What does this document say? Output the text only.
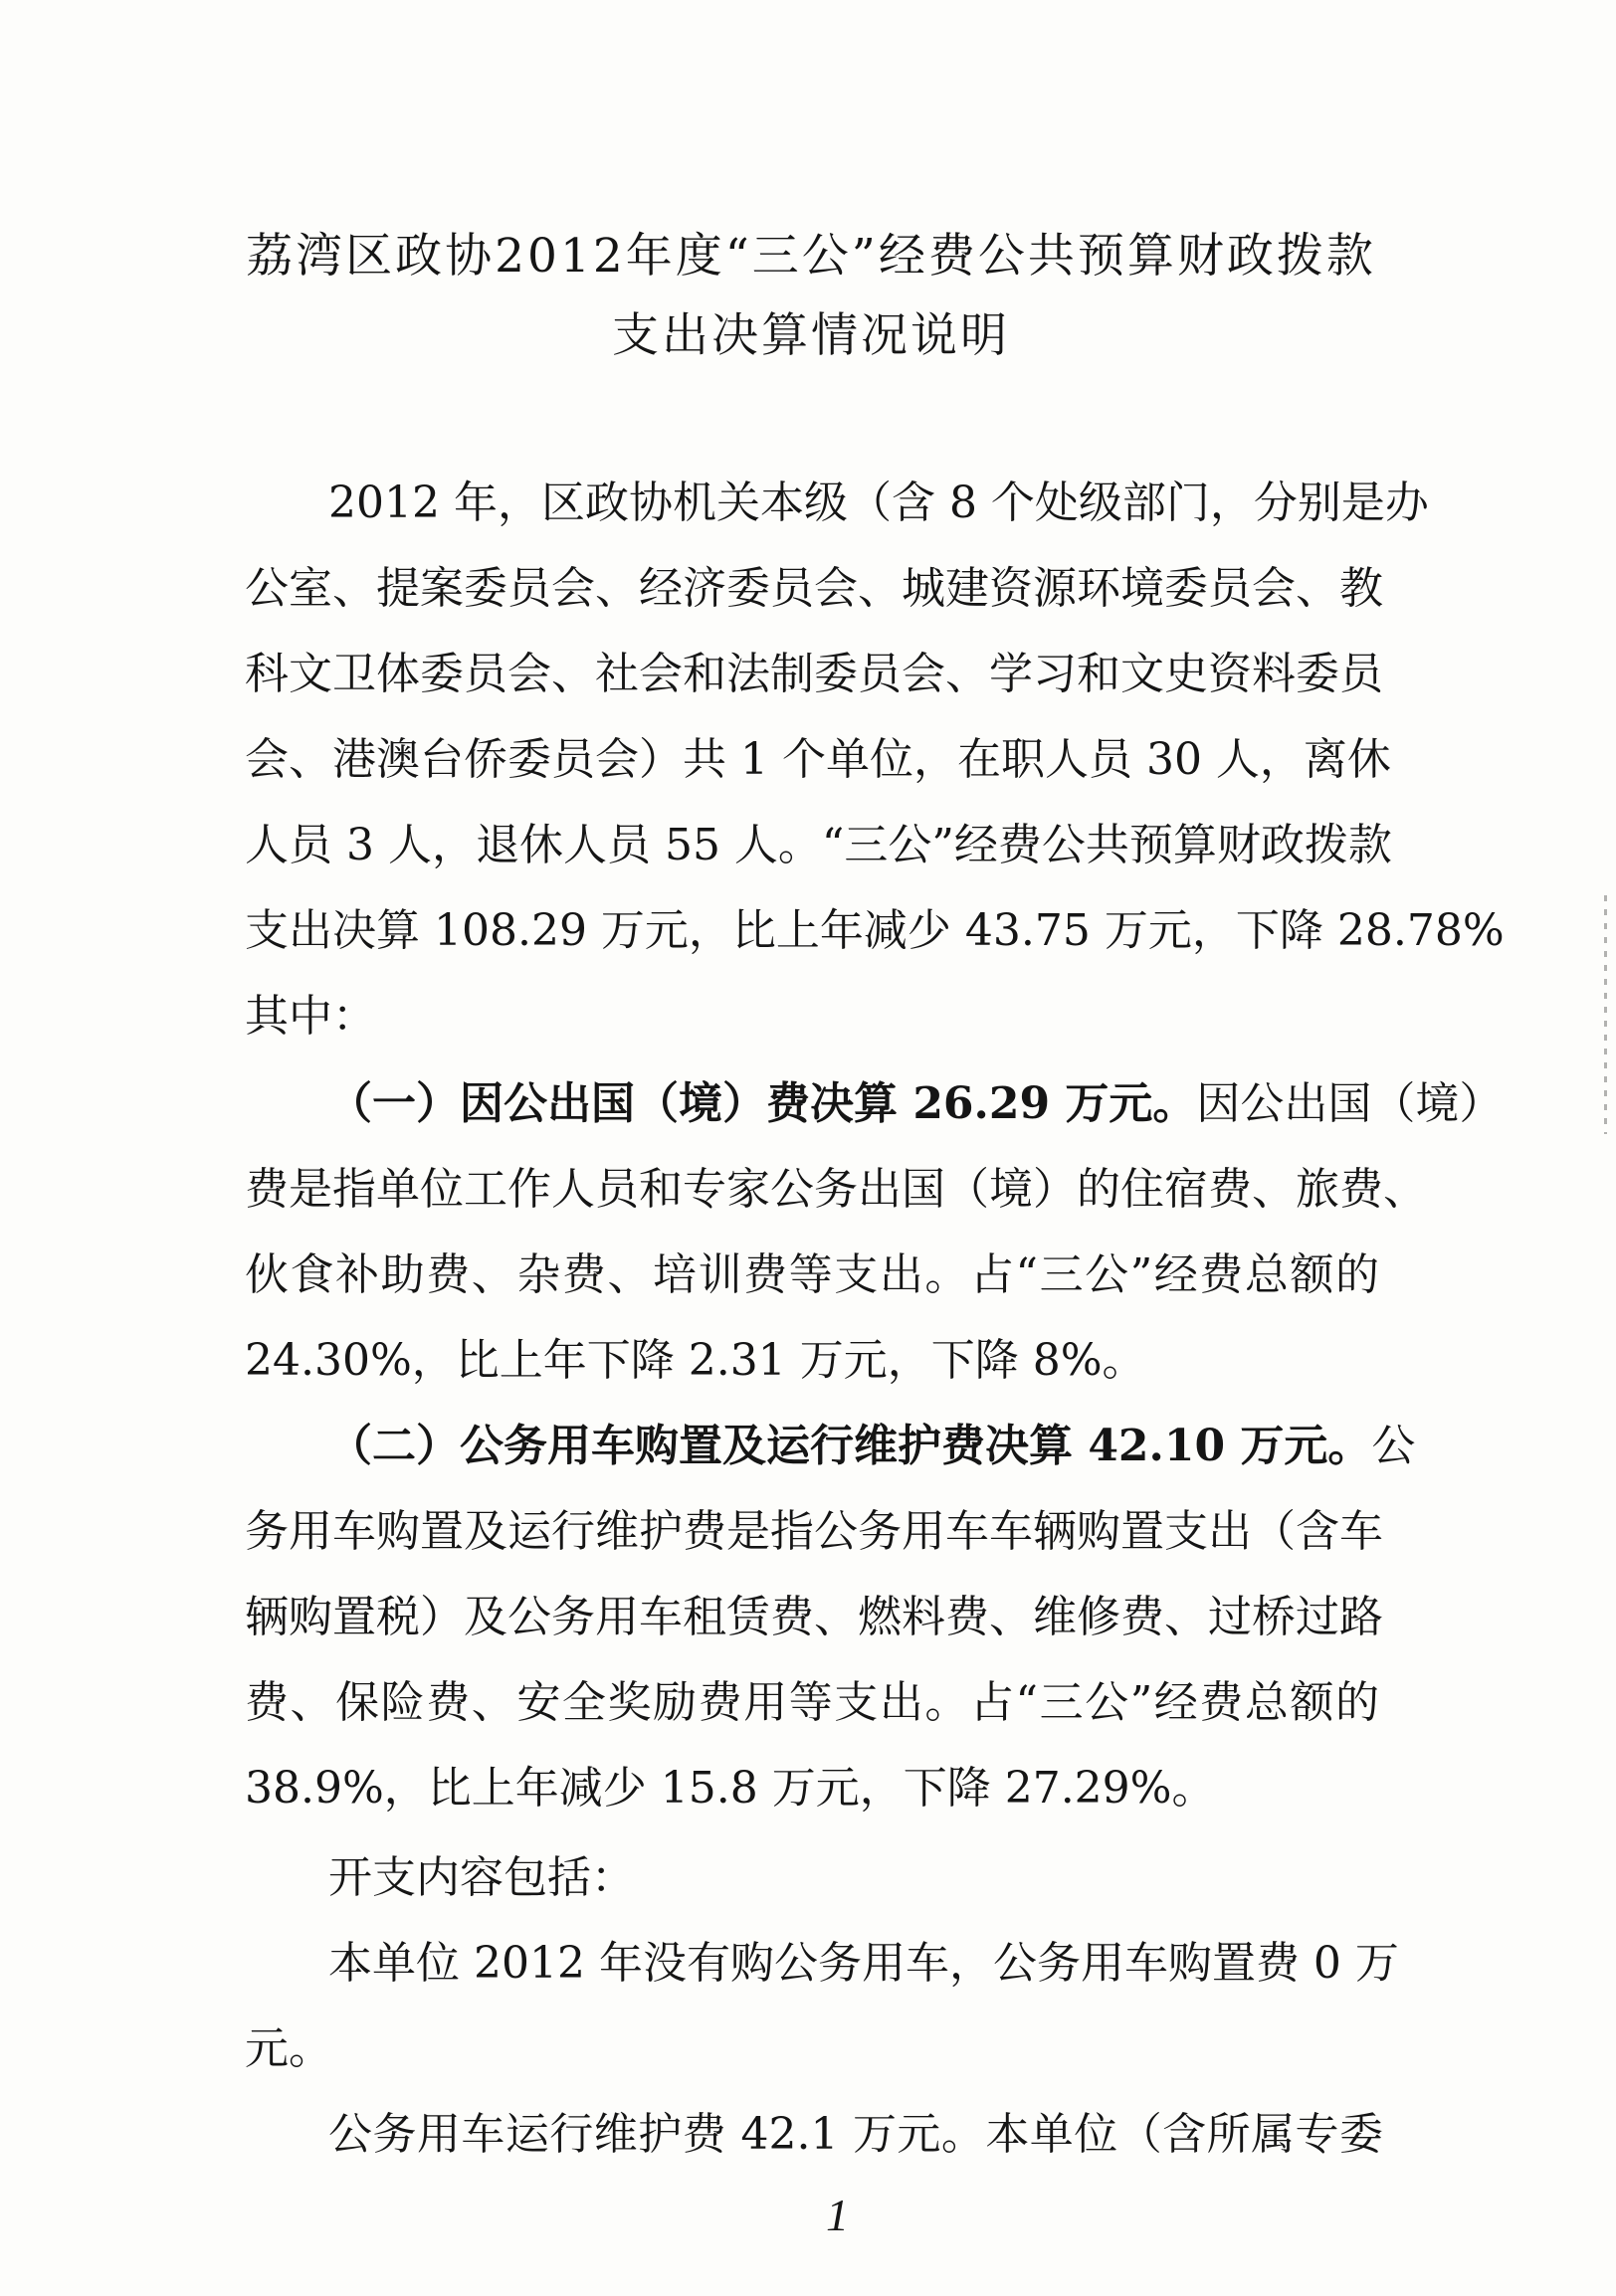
荔湾区政协2012年度“三公”经费公共预算财政拨款
支出决算情况说明
2012 年，区政协机关本级（含 8 个处级部门，分别是办
公室、提案委员会、经济委员会、城建资源环境委员会、教
科文卫体委员会、社会和法制委员会、学习和文史资料委员
会、港澳台侨委员会）共 1 个单位，在职人员 30 人，离休
人员 3 人，退休人员 55 人。“三公”经费公共预算财政拨款
支出决算 108.29 万元，比上年减少 43.75 万元，下降 28.78%
其中：
（一）因公出国（境）费决算 26.29 万元。因公出国（境）
费是指单位工作人员和专家公务出国（境）的住宿费、旅费、
伙食补助费、杂费、培训费等支出。占“三公”经费总额的
24.30%，比上年下降 2.31 万元，下降 8%。
（二）公务用车购置及运行维护费决算 42.10 万元。公
务用车购置及运行维护费是指公务用车车辆购置支出（含车
辆购置税）及公务用车租赁费、燃料费、维修费、过桥过路
费、保险费、安全奖励费用等支出。占“三公”经费总额的
38.9%，比上年减少 15.8 万元，下降 27.29%。
开支内容包括：
本单位 2012 年没有购公务用车，公务用车购置费 0 万
元。
公务用车运行维护费 42.1 万元。本单位（含所属专委
1
